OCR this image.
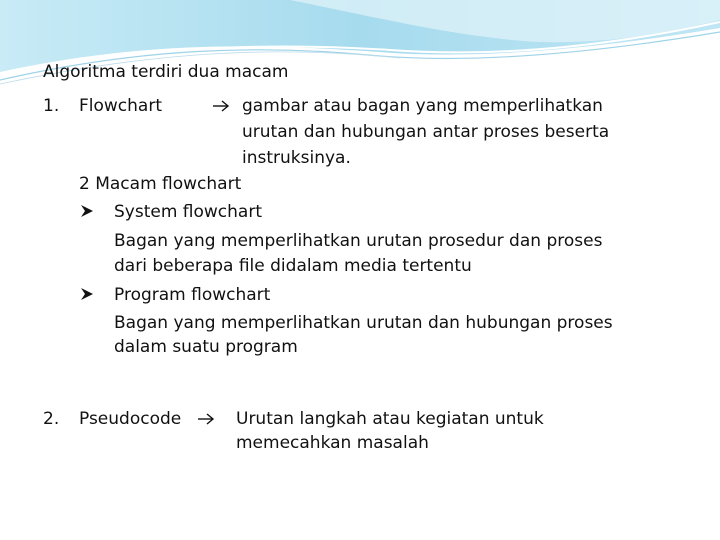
Algoritma terdiri dua macam
1. Flowchart	gambar atau bagan yang memperlihatkan
urutan dan hubungan antar proses beserta
instruksinya.
2 Macam flowchart
System flowchart
Bagan yang memperlihatkan urutan prosedur dan proses
dari beberapa file didalam media tertentu
Program flowchart
Bagan yang memperlihatkan urutan dan hubungan proses
dalam suatu program
2. Pseudocode	Urutan langkah atau kegiatan untuk
memecahkan masalah
